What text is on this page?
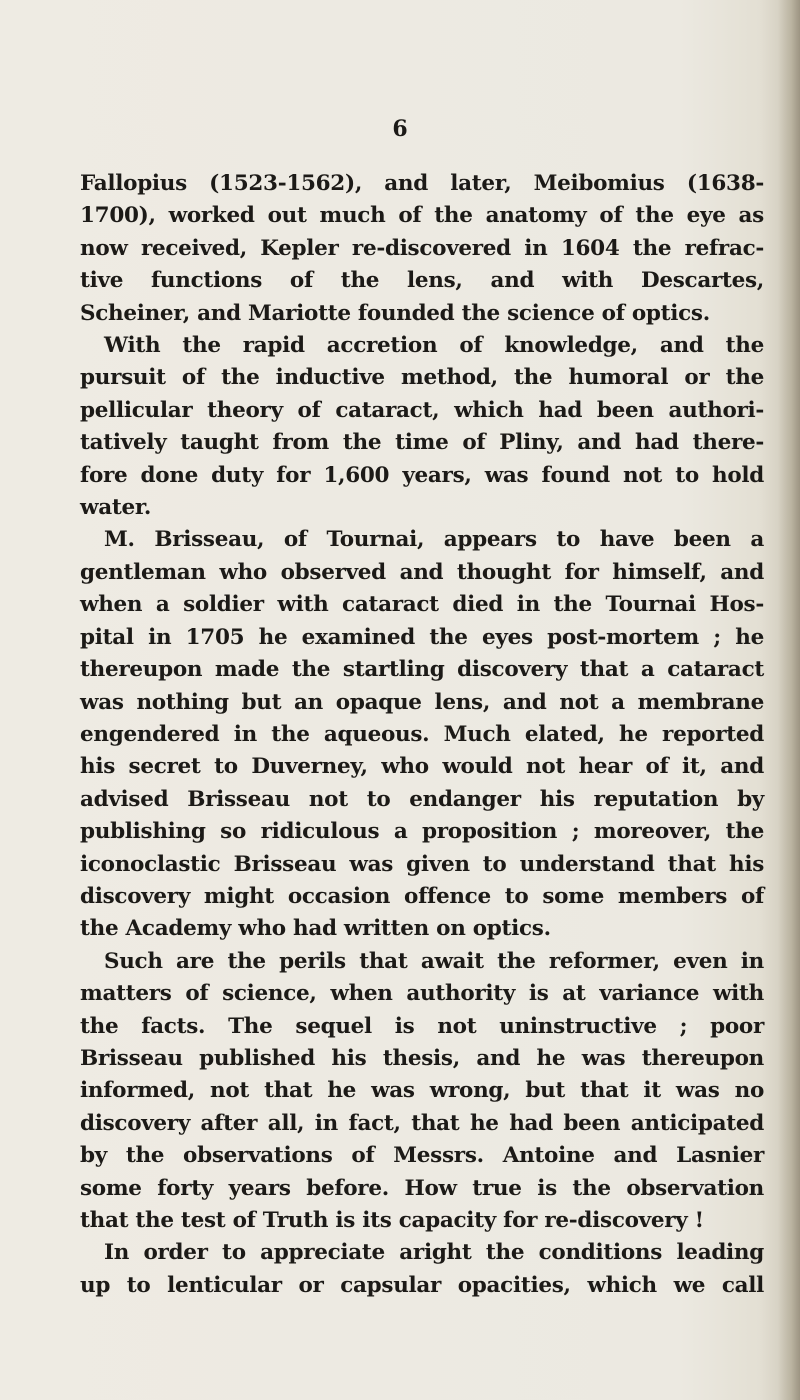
6

Fallopius (1523-1562), and later, Meibomius (1638-
1700), worked out much of the anatomy of the eye as
now received, Kepler re-discovered in 1604 the refrac-
tive functions of the lens, and with Descartes,
Scheiner, and Mariotte founded the science of optics.

With the rapid accretion of knowledge, and the
pursuit of the inductive method, the humoral or the
pellicular theory of cataract, which had been authori-
tatively taught from the time of Pliny, and had there-
fore done duty for 1,600 years, was found not to hold
water.

M. Brisseau, of Tournai, appears to have been a
gentleman who observed and thought for himself, and
when a soldier with cataract died in the Tournai Hos-
pital in 1705 he examined the eyes post-mortem ; he
thereupon made the startling discovery that a cataract
was nothing but an opaque lens, and not a membrane
engendered in the aqueous. Much elated, he reported
his secret to Duverney, who would not hear of it, and
advised Brisseau not to endanger his reputation by
publishing so ridiculous a proposition ; moreover, the
iconoclastic Brisseau was given to understand that his
discovery might occasion offence to some members of
the Academy who had written on optics.

Such are the perils that await the reformer, even in
matters of science, when authority is at variance with
the facts. The sequel is not uninstructive ; poor
Brisseau published his thesis, and he was thereupon
informed, not that he was wrong, but that it was no
discovery after all, in fact, that he had been anticipated
by the observations of Messrs. Antoine and Lasnier
some forty years before. How true is the observation
that the test of Truth is its capacity for re-discovery !

In order to appreciate aright the conditions leading
up to lenticular or capsular opacities, which we call
